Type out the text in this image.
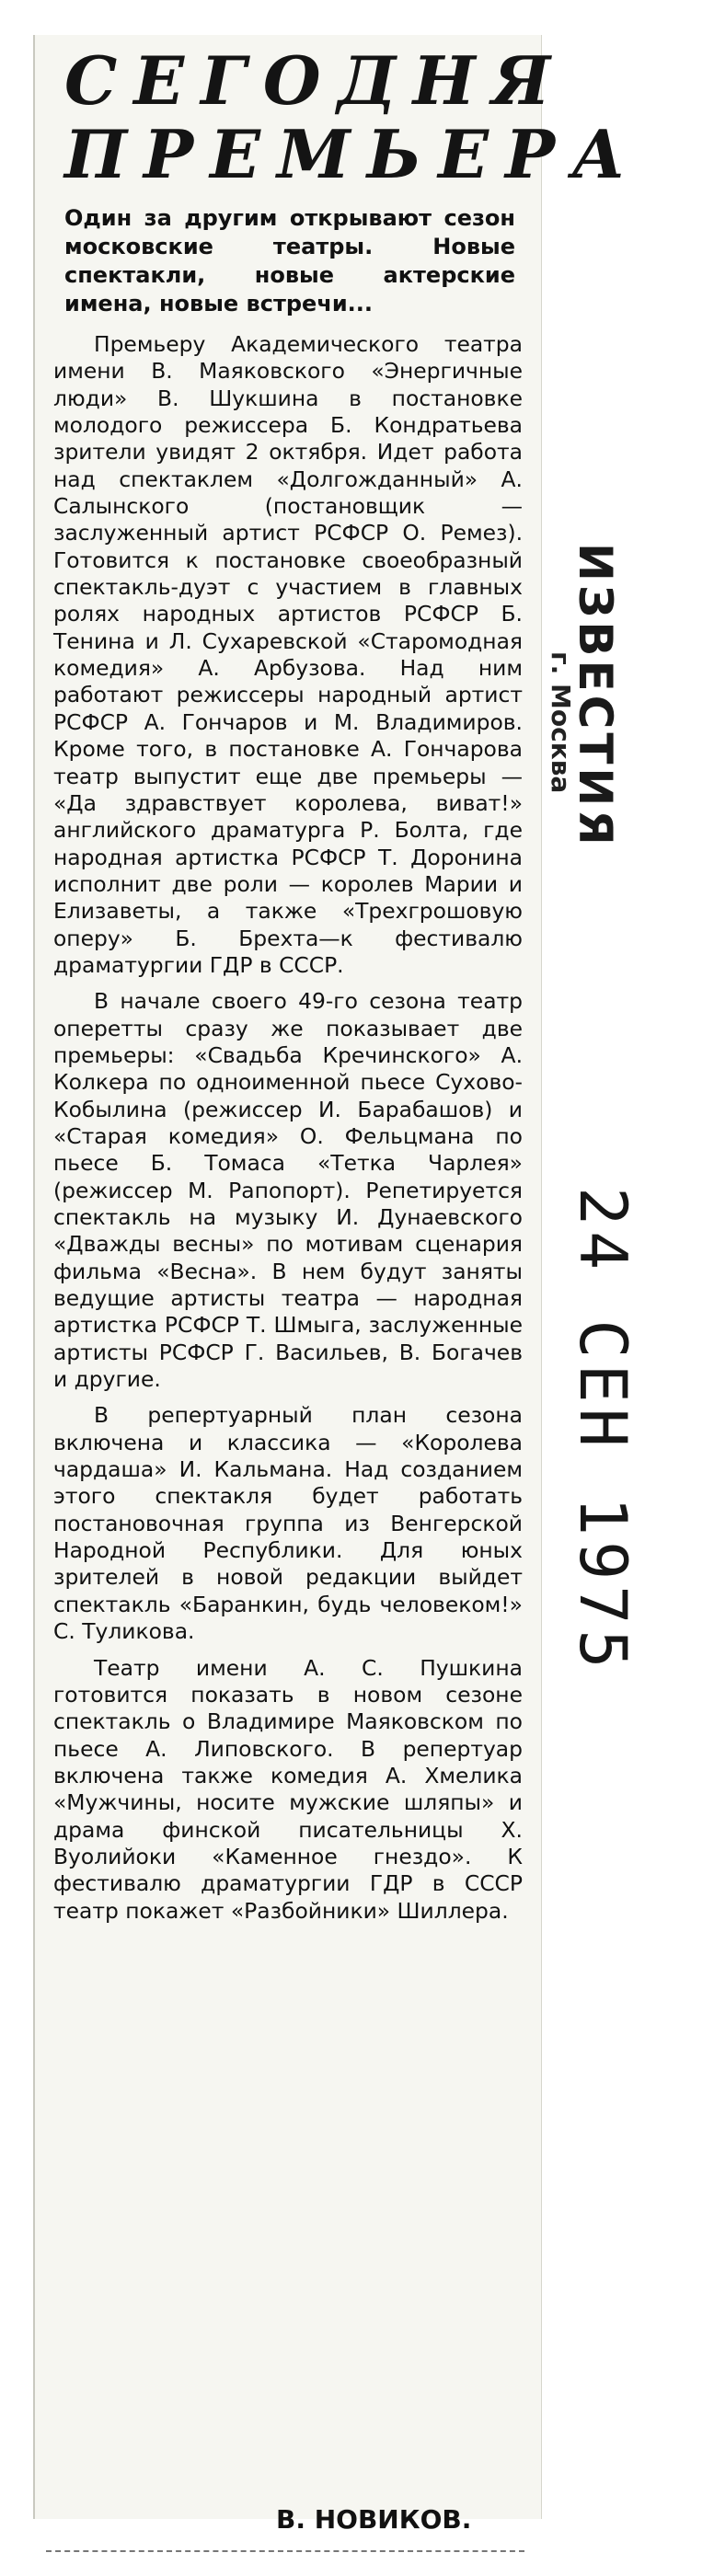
СЕГОДНЯ ПРЕМЬЕРА
Один за другим открывают сезон московские театры. Новые спектакли, новые актерские имена, новые встречи...

Премьеру Академического театра имени В. Маяковского «Энергичные люди» В. Шукшина в постановке молодого режиссера Б. Кондратьева зрители увидят 2 октября. Идет работа над спектаклем «Долгожданный» А. Салынского (постановщик — заслуженный артист РСФСР О. Ремез). Готовится к постановке своеобразный спектакль-дуэт с участием в главных ролях народных артистов РСФСР Б. Тенина и Л. Сухаревской «Старомодная комедия» А. Арбузова. Над ним работают режиссеры народный артист РСФСР А. Гончаров и М. Владимиров. Кроме того, в постановке А. Гончарова театр выпустит еще две премьеры — «Да здравствует королева, виват!» английского драматурга Р. Болта, где народная артистка РСФСР Т. Доронина исполнит две роли — королев Марии и Елизаветы, а также «Трехгрошовую оперу» Б. Брехта—к фестивалю драматургии ГДР в СССР.

В начале своего 49-го сезона театр оперетты сразу же показывает две премьеры: «Свадьба Кречинского» А. Колкера по одноименной пьесе Сухово-Кобылина (режиссер И. Барабашов) и «Старая комедия» О. Фельцмана по пьесе Б. Томаса «Тетка Чарлея» (режиссер М. Рапопорт). Репетируется спектакль на музыку И. Дунаевского «Дважды весны» по мотивам сценария фильма «Весна». В нем будут заняты ведущие артисты театра — народная артистка РСФСР Т. Шмыга, заслуженные артисты РСФСР Г. Васильев, В. Богачев и другие.

В репертуарный план сезона включена и классика — «Королева чардаша» И. Кальмана. Над созданием этого спектакля будет работать постановочная группа из Венгерской Народной Республики. Для юных зрителей в новой редакции выйдет спектакль «Баранкин, будь человеком!» С. Туликова.

Театр имени А. С. Пушкина готовится показать в новом сезоне спектакль о Владимире Маяковском по пьесе А. Липовского. В репертуар включена также комедия А. Хмелика «Мужчины, носите мужские шляпы» и драма финской писательницы Х. Вуолийоки «Каменное гнездо». К фестивалю драматургии ГДР в СССР театр покажет «Разбойники» Шиллера.

В. НОВИКОВ.
ИЗВЕСТИЯ
г. Москва
24 СЕН 1975
